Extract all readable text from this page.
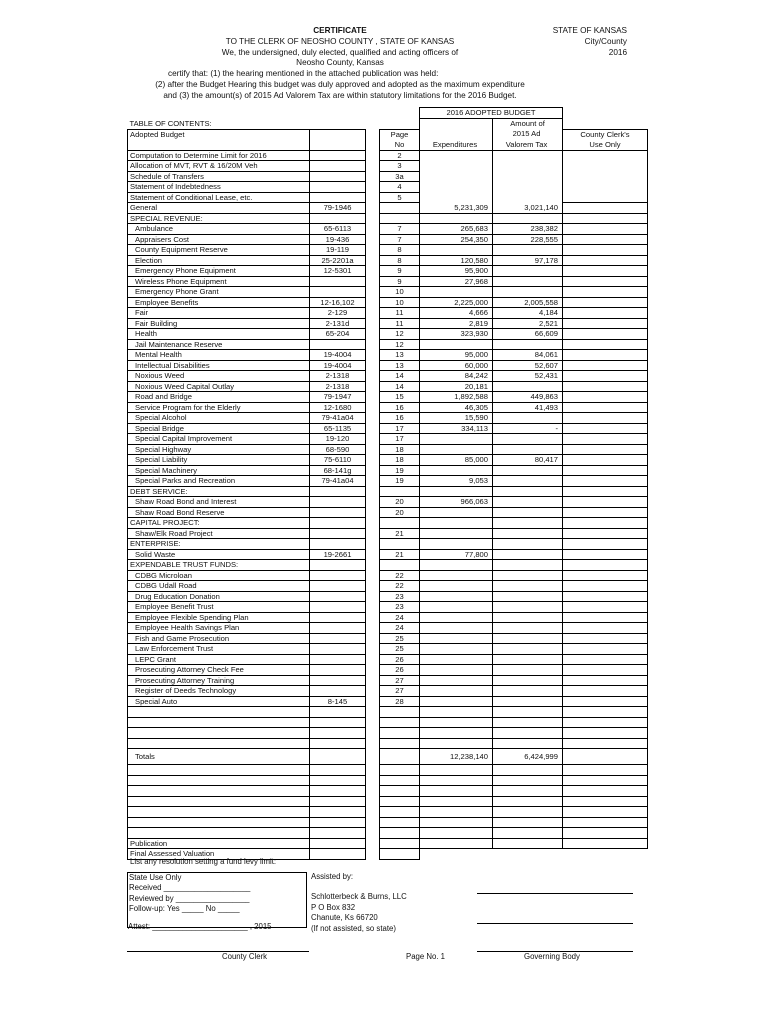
CERTIFICATE
TO THE CLERK OF NEOSHO COUNTY , STATE OF KANSAS
We, the undersigned, duly elected, qualified and acting officers of
Neosho County, Kansas
certify that: (1) the hearing mentioned in the attached publication was held:
(2) after the Budget Hearing this budget was duly approved and adopted as the maximum expenditure
and (3) the amount(s) of 2015 Ad Valorem Tax are within statutory limitations for the 2016 Budget.
STATE OF KANSAS
City/County
2016
				2016 ADOPTED BUDGET		
TABLE OF CONTENTS:					Amount of	
Adopted Budget			Page		2015 Ad	County Clerk's
			No	Expenditures	Valorem Tax	Use Only
Computation to Determine Limit for 2016			2			
Allocation of MVT, RVT & 16/20M Veh			3			
Schedule of Transfers			3a			
Statement of Indebtedness			4			
Statement of Conditional Lease, etc.			5			
General	79-1946			5,231,309	3,021,140	
SPECIAL REVENUE:						
Ambulance	65-6113		7	265,683	238,382	
Appraisers Cost	19-436		7	254,350	228,555	
County Equipment Reserve	19-119		8			
Election	25-2201a		8	120,580	97,178	
Emergency Phone Equipment	12-5301		9	95,900		
Wireless Phone Equipment			9	27,968		
Emergency Phone Grant			10			
Employee Benefits	12-16,102		10	2,225,000	2,005,558	
Fair	2-129		11	4,666	4,184	
Fair Building	2-131d		11	2,819	2,521	
Health	65-204		12	323,930	66,609	
Jail Maintenance Reserve			12			
Mental Health	19-4004		13	95,000	84,061	
Intellectual Disabilities	19-4004		13	60,000	52,607	
Noxious Weed	2-1318		14	84,242	52,431	
Noxious Weed Capital Outlay	2-1318		14	20,181		
Road and Bridge	79-1947		15	1,892,588	449,863	
Service Program for the Elderly	12-1680		16	46,305	41,493	
Special Alcohol	79-41a04		16	15,590		
Special Bridge	65-1135		17	334,113	-	
Special Capital Improvement	19-120		17			
Special Highway	68-590		18			
Special Liability	75-6110		18	85,000	80,417	
Special Machinery	68-141g		19			
Special Parks and Recreation	79-41a04		19	9,053		
DEBT SERVICE:						
Shaw Road Bond and Interest			20	966,063		
Shaw Road Bond Reserve			20			
CAPITAL PROJECT:						
Shaw/Elk Road Project			21			
ENTERPRISE:						
Solid Waste	19-2661		21	77,800		
EXPENDABLE TRUST FUNDS:						
CDBG Microloan			22			
CDBG Udall Road			22			
Drug Education Donation			23			
Employee Benefit Trust			23			
Employee Flexible Spending Plan			24			
Employee Health Savings Plan			24			
Fish and Game Prosecution			25			
Law Enforcement Trust			25			
LEPC Grant			26			
Prosecuting Attorney Check Fee			26			
Prosecuting Attorney Training			27			
Register of Deeds Technology			27			
Special Auto	8-145		28			

Totals				12,238,140	6,424,999	

Publication						
Final Assessed Valuation						
List any resolution setting a fund levy limit:
State Use Only
Received ____________________
Reviewed by _________________
Follow-up: Yes _____ No _____
Attest: ______________________ , 2015
Assisted by:
Schlotterbeck & Burns, LLC
P O Box 832
Chanute, Ks 66720
(If not assisted, so state)
County Clerk	Page No. 1	Governing Body
